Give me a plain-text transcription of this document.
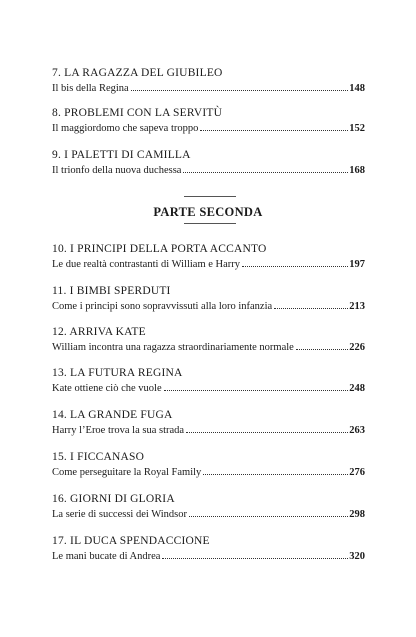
7. LA RAGAZZA DEL GIUBILEO
Il bis della Regina	148
8. PROBLEMI CON LA SERVITÙ
Il maggiordomo che sapeva troppo	152
9. I PALETTI DI CAMILLA
Il trionfo della nuova duchessa	168
PARTE SECONDA
10. I PRINCIPI DELLA PORTA ACCANTO
Le due realtà contrastanti di William e Harry	197
11. I BIMBI SPERDUTI
Come i principi sono sopravvissuti alla loro infanzia	213
12. ARRIVA KATE
William incontra una ragazza straordinariamente normale	226
13. LA FUTURA REGINA
Kate ottiene ciò che vuole	248
14. LA GRANDE FUGA
Harry l’Eroe trova la sua strada	263
15. I FICCANASO
Come perseguitare la Royal Family	276
16. GIORNI DI GLORIA
La serie di successi dei Windsor	298
17. IL DUCA SPENDACCIONE
Le mani bucate di Andrea	320
